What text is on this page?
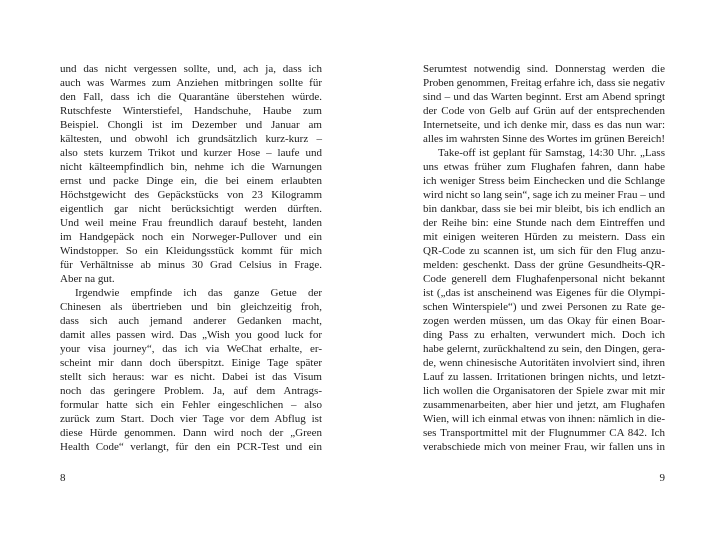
und das nicht vergessen sollte, und, ach ja, dass ich
auch was Warmes zum Anziehen mitbringen sollte für
den Fall, dass ich die Quarantäne überstehen würde.
Rutschfeste Winterstiefel, Handschuhe, Haube zum
Beispiel. Chongli ist im Dezember und Januar am
kältesten, und obwohl ich grundsätzlich kurz-kurz –
also stets kurzem Trikot und kurzer Hose – laufe und
nicht kälteempfindlich bin, nehme ich die Warnungen
ernst und packe Dinge ein, die bei einem erlaubten
Höchstgewicht des Gepäckstücks von 23 Kilogramm
eigentlich gar nicht berücksichtigt werden dürften.
Und weil meine Frau freundlich darauf besteht, landen
im Handgepäck noch ein Norweger-Pullover und ein
Windstopper. So ein Kleidungsstück kommt für mich
für Verhältnisse ab minus 30 Grad Celsius in Frage.
Aber na gut.
Irgendwie empfinde ich das ganze Getue der
Chinesen als übertrieben und bin gleichzeitig froh,
dass sich auch jemand anderer Gedanken macht,
damit alles passen wird. Das „Wish you good luck for
your visa journey“, das ich via WeChat erhalte, er-
scheint mir dann doch überspitzt. Einige Tage später
stellt sich heraus: war es nicht. Dabei ist das Visum
noch das geringere Problem. Ja, auf dem Antrags-
formular hatte sich ein Fehler eingeschlichen – also
zurück zum Start. Doch vier Tage vor dem Abflug ist
diese Hürde genommen. Dann wird noch der „Green
Health Code“ verlangt, für den ein PCR-Test und ein
Serumtest notwendig sind. Donnerstag werden die
Proben genommen, Freitag erfahre ich, dass sie negativ
sind – und das Warten beginnt. Erst am Abend springt
der Code von Gelb auf Grün auf der entsprechenden
Internetseite, und ich denke mir, dass es das nun war:
alles im wahrsten Sinne des Wortes im grünen Bereich!
Take-off ist geplant für Samstag, 14:30 Uhr. „Lass
uns etwas früher zum Flughafen fahren, dann habe
ich weniger Stress beim Einchecken und die Schlange
wird nicht so lang sein“, sage ich zu meiner Frau – und
bin dankbar, dass sie bei mir bleibt, bis ich endlich an
der Reihe bin: eine Stunde nach dem Eintreffen und
mit einigen weiteren Hürden zu meistern. Dass ein
QR-Code zu scannen ist, um sich für den Flug anzu-
melden: geschenkt. Dass der grüne Gesundheits-QR-
Code generell dem Flughafenpersonal nicht bekannt
ist („das ist anscheinend was Eigenes für die Olympi-
schen Winterspiele“) und zwei Personen zu Rate ge-
zogen werden müssen, um das Okay für einen Boar-
ding Pass zu erhalten, verwundert mich. Doch ich
habe gelernt, zurückhaltend zu sein, den Dingen, gera-
de, wenn chinesische Autoritäten involviert sind, ihren
Lauf zu lassen. Irritationen bringen nichts, und letzt-
lich wollen die Organisatoren der Spiele zwar mit mir
zusammenarbeiten, aber hier und jetzt, am Flughafen
Wien, will ich einmal etwas von ihnen: nämlich in die-
ses Transportmittel mit der Flugnummer CA 842. Ich
verabschiede mich von meiner Frau, wir fallen uns in
8	9
